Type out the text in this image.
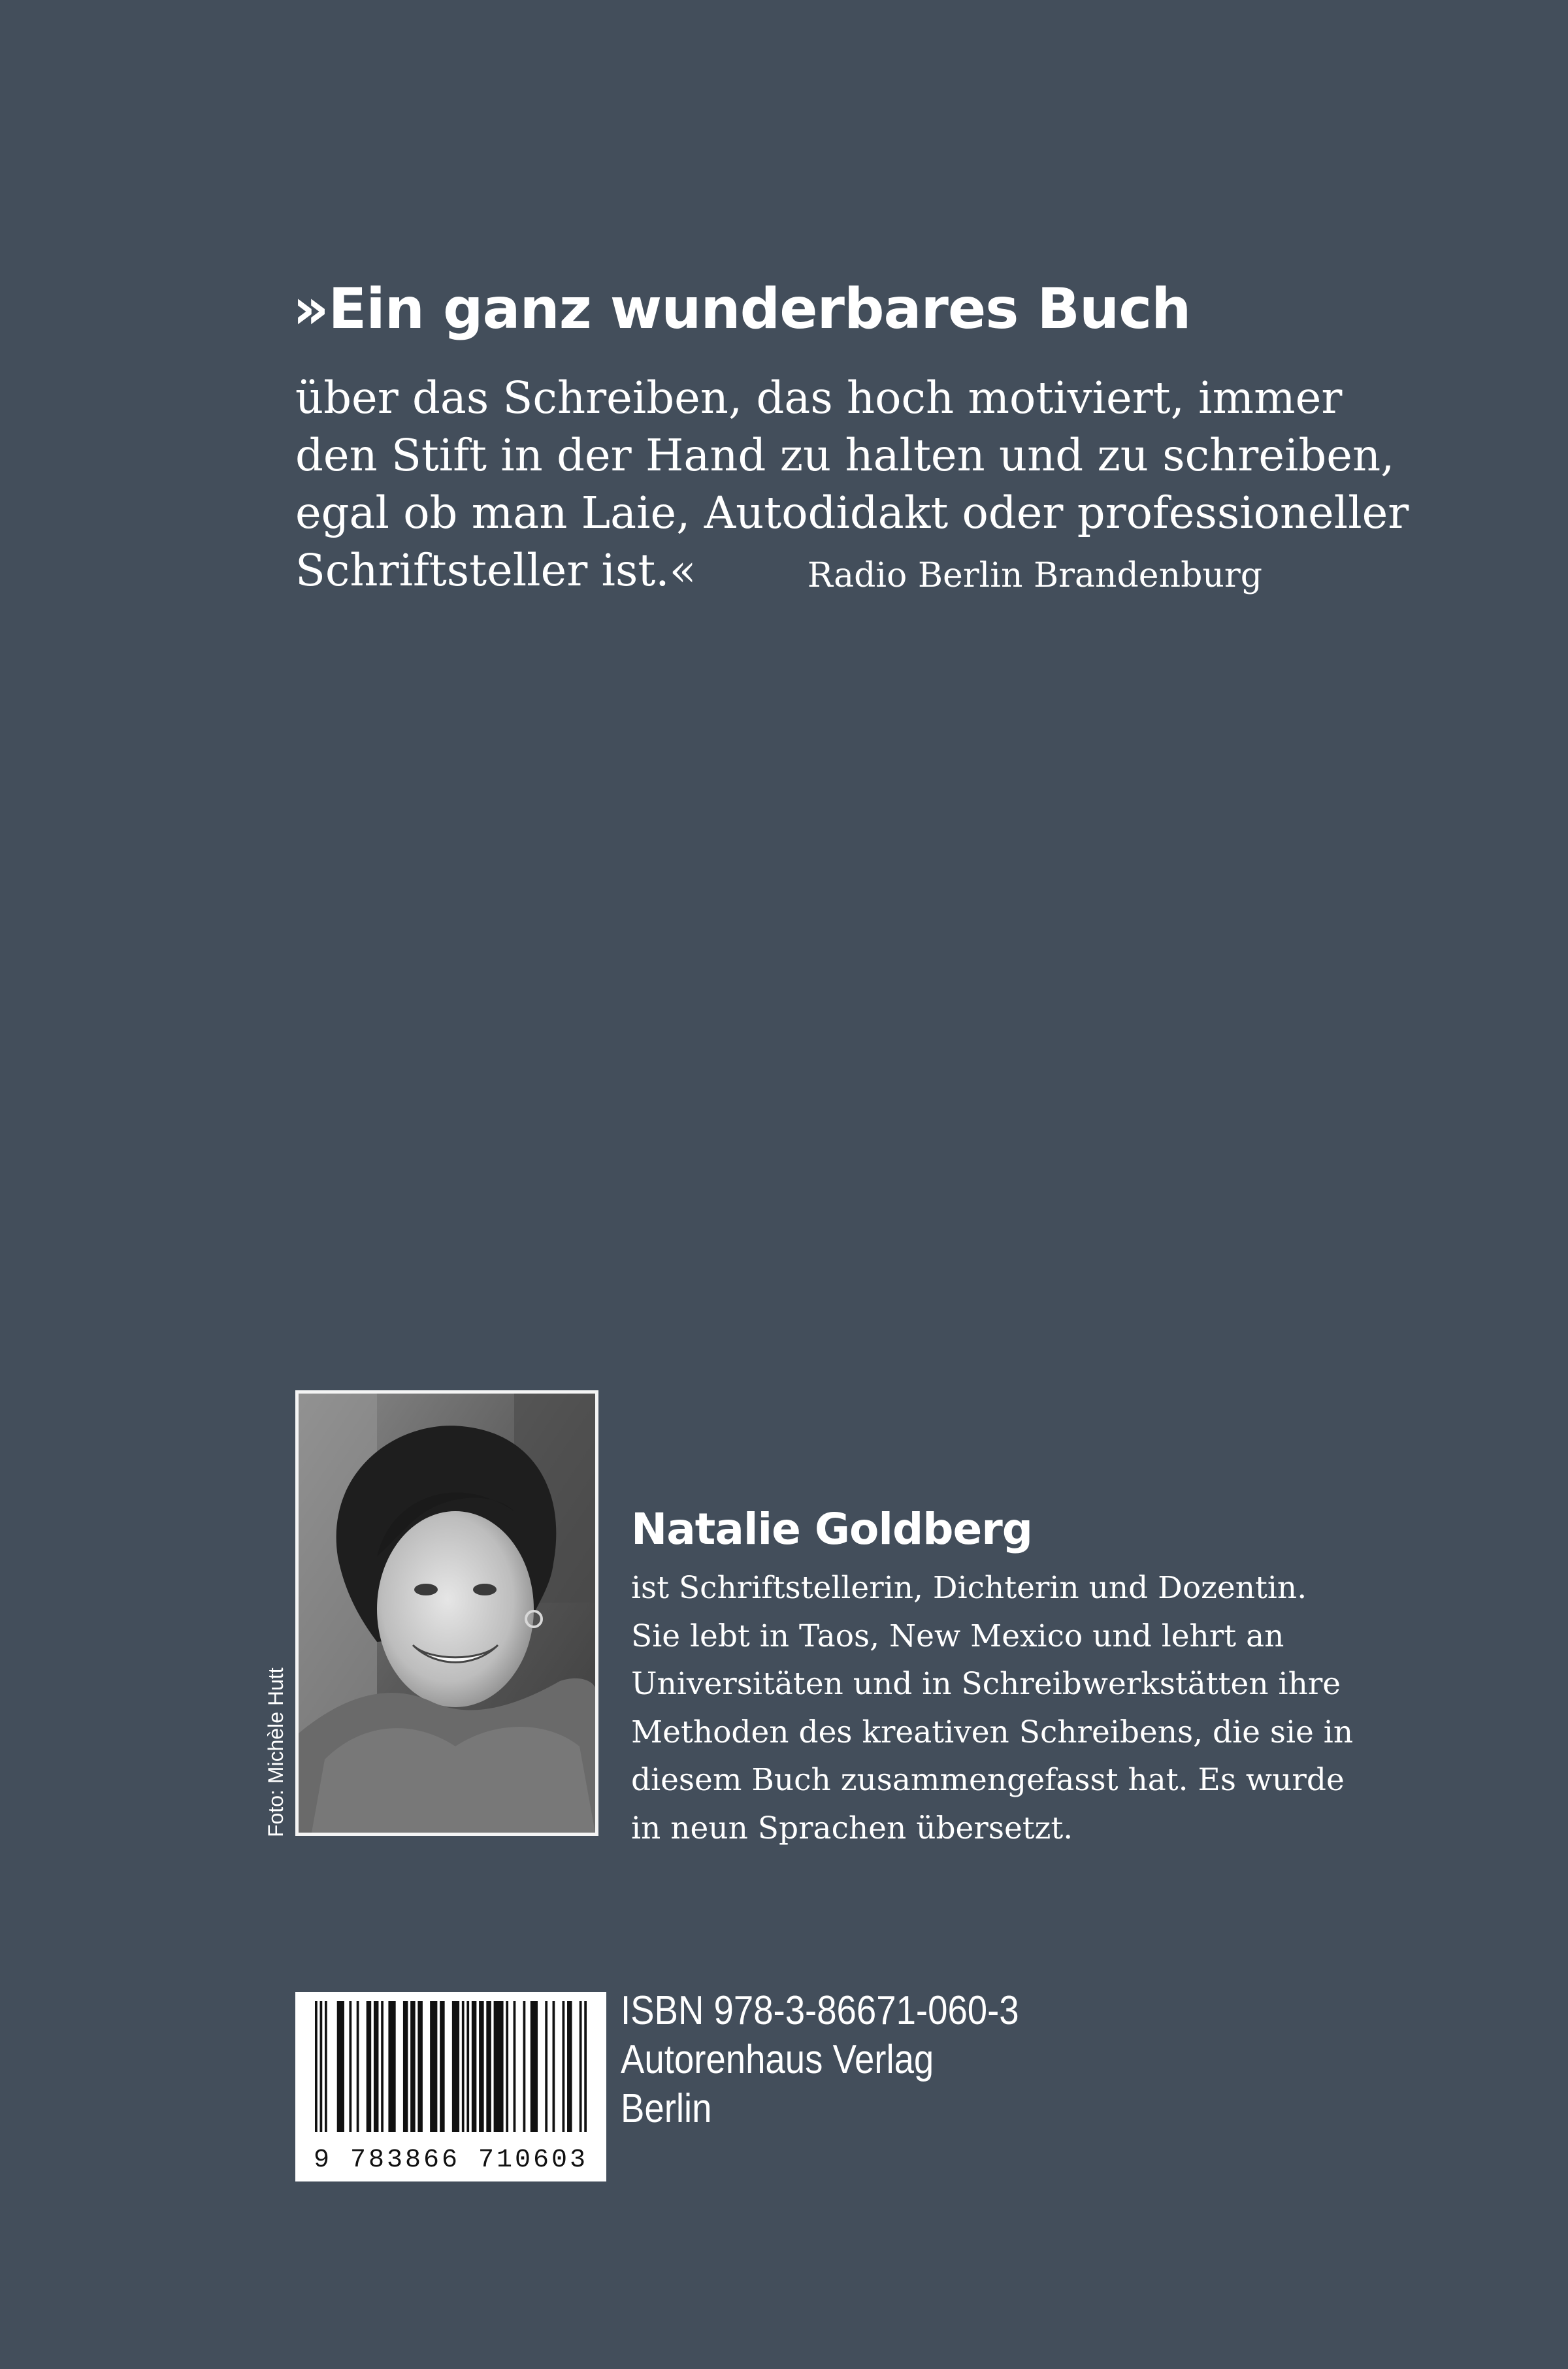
»Ein ganz wunderbares Buch
über das Schreiben, das hoch motiviert, immer
den Stift in der Hand zu halten und zu schreiben,
egal ob man Laie, Autodidakt oder professioneller
Schriftsteller ist.«	Radio Berlin Brandenburg
Foto: Michèle Hutt
Natalie Goldberg
ist Schriftstellerin, Dichterin und Dozentin.
Sie lebt in Taos, New Mexico und lehrt an
Universitäten und in Schreibwerkstätten ihre
Methoden des kreativen Schreibens, die sie in
diesem Buch zusammengefasst hat. Es wurde
in neun Sprachen übersetzt.
9 783866 710603
ISBN 978-3-86671-060-3
Autorenhaus Verlag
Berlin
